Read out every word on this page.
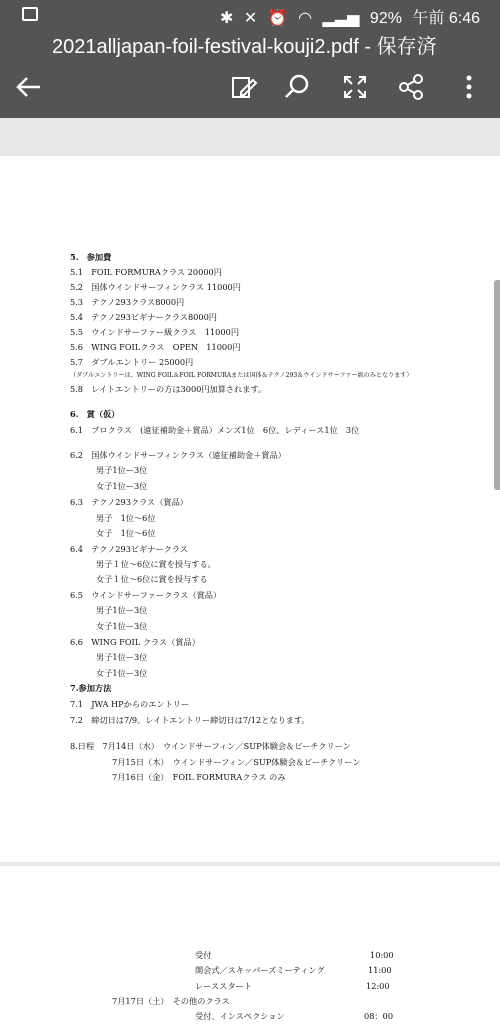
✱ ✕ ⏰ ◠ ▂▃▅ 92% 午前 6:46
2021alljapan-foil-festival-kouji2.pdf - 保存済
5.　参加費
5.1　FOIL FORMURAクラス 20000円
5.2　国体ウインドサーフィンクラス 11000円
5.3　テクノ293クラス8000円
5.4　テクノ293ビギナークラス8000円
5.5　ウインドサーファー級クラス　11000円
5.6　WING FOILクラス　OPEN　11000円
5.7　ダブルエントリー 25000円
（ダブルエントリーは、WING FOIL＆FOIL FORMURAまたは国体＆テクノ293＆ウインドサーファー級のみとなります）
5.8　レイトエントリーの方は3000円加算されます。
6.　賞（仮）
6.1　プロクラス　(遠征補助金＋賞品）メンズ1位　6位、レディース1位　3位
6.2　国体ウインドサーフィンクラス（遠征補助金＋賞品）
男子1位ー3位
女子1位ー3位
6.3　テクノ293クラス（賞品）
男子　1位～6位
女子　1位～6位
6.4　テクノ293ビギナークラス
男子１位～6位に賞を授与する。
女子１位～6位に賞を授与する
6.5　ウインドサーファークラス（賞品）
男子1位ー3位
女子1位ー3位
6.6　WING FOIL クラス（賞品）
男子1位ー3位
女子1位ー3位
7.参加方法
7.1　JWA HPからのエントリー
7.2　締切日は7/9。レイトエントリー締切日は7/12となります。
8.日程　7月14日（水）　ウインドサーフィン／SUP体験会＆ビーチクリーン
7月15日（木）　ウインドサーフィン／SUP体験会＆ビーチクリーン
7月16日（金）　FOIL FORMURAクラス のみ
受付	10:00
開会式／スキッパーズミーティング	11:00
レーススタート	12:00
7月17日（土）　その他のクラス
受付、インスペクション	08：00
